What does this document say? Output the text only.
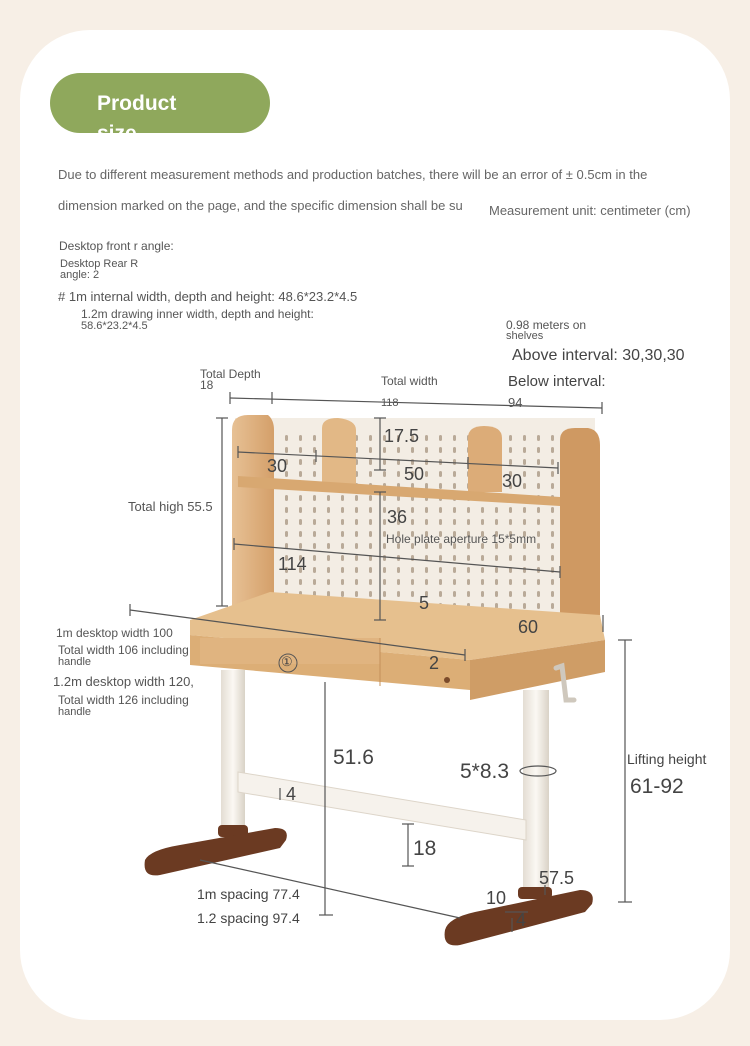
Product size
Due to different measurement methods and production batches, there will be an error of ± 0.5cm in the
dimension marked on the page, and the specific dimension shall be su	Measurement unit: centimeter (cm)
Desktop front r angle:
Desktop Rear R
angle: 2
# 1m internal width, depth and height: 48.6*23.2*4.5
1.2m drawing inner width, depth and height:
58.6*23.2*4.5	0.98 meters on
shelves
Above interval: 30,30,30
Below interval:
Total Depth
18	Total width
118	94
17.5
30	50	30
Total high 55.5
36
Hole plate aperture 15*5mm
114
5
60
1m desktop width 100
Total width 106 including
handle
1.2m desktop width 120,
Total width 126 including
handle
①	2
51.6
5*8.3
4
18
Lifting height
61-92
57.5
10
4
1m spacing 77.4
1.2 spacing 97.4
